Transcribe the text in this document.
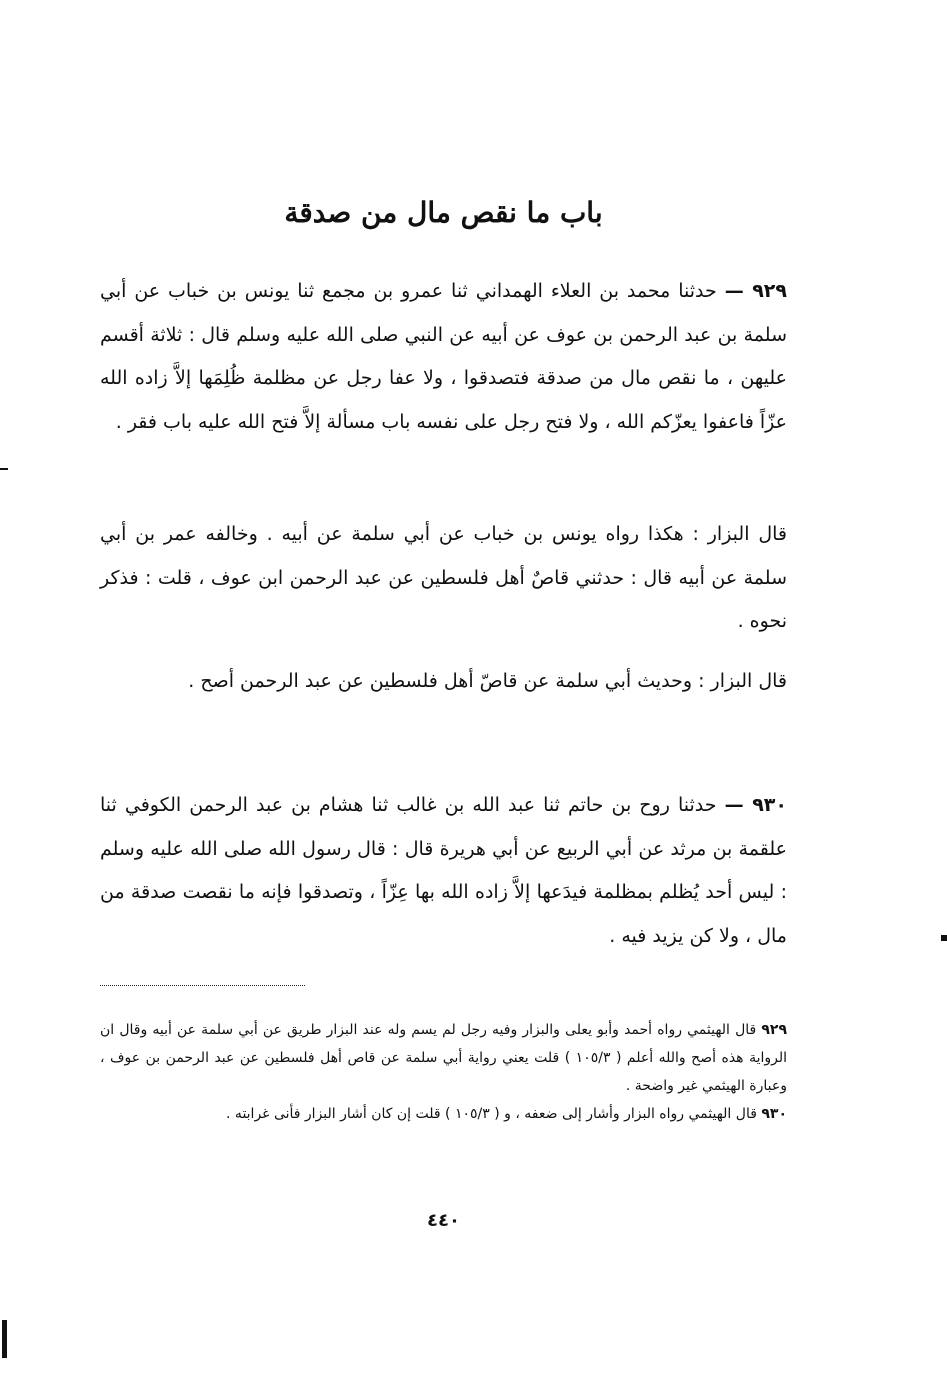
باب ما نقص مال من صدقة

٩٢٩ — حدثنا محمد بن العلاء الهمداني ثنا عمرو بن مجمع ثنا يونس بن خباب عن أبي سلمة بن عبد الرحمن بن عوف عن أبيه عن النبي صلى الله عليه وسلم قال : ثلاثة أقسم عليهن ، ما نقص مال من صدقة فتصدقوا ، ولا عفا رجل عن مظلمة ظُلِمَها إلاَّ زاده الله عزّاً فاعفوا يعزّكم الله ، ولا فتح رجل على نفسه باب مسألة إلاَّ فتح الله عليه باب فقر .

قال البزار : هكذا رواه يونس بن خباب عن أبي سلمة عن أبيه . وخالفه عمر بن أبي سلمة عن أبيه قال : حدثني قاصٌ أهل فلسطين عن عبد الرحمن ابن عوف ، قلت : فذكر نحوه .

قال البزار : وحديث أبي سلمة عن قاصّ أهل فلسطين عن عبد الرحمن أصح .

٩٣٠ — حدثنا روح بن حاتم ثنا عبد الله بن غالب ثنا هشام بن عبد الرحمن الكوفي ثنا علقمة بن مرثد عن أبي الربيع عن أبي هريرة قال : قال رسول الله صلى الله عليه وسلم : ليس أحد يُظلم بمظلمة فيدَعها إلاَّ زاده الله بها عِزّاً ، وتصدقوا فإنه ما نقصت صدقة من مال ، ولا كن يزيد فيه .

٩٢٩ قال الهيثمي رواه أحمد وأبو يعلى والبزار وفيه رجل لم يسم وله عند البزار طريق عن أبي سلمة عن أبيه وقال ان الرواية هذه أصح والله أعلم ( ١٠٥/٣ ) قلت يعني رواية أبي سلمة عن قاص أهل فلسطين عن عبد الرحمن بن عوف ، وعبارة الهيثمي غير واضحة .

٩٣٠ قال الهيثمي رواه البزار وأشار إلى ضعفه ، و ( ١٠٥/٣ ) قلت إن كان أشار البزار فأنى غرابته .

٤٤٠
